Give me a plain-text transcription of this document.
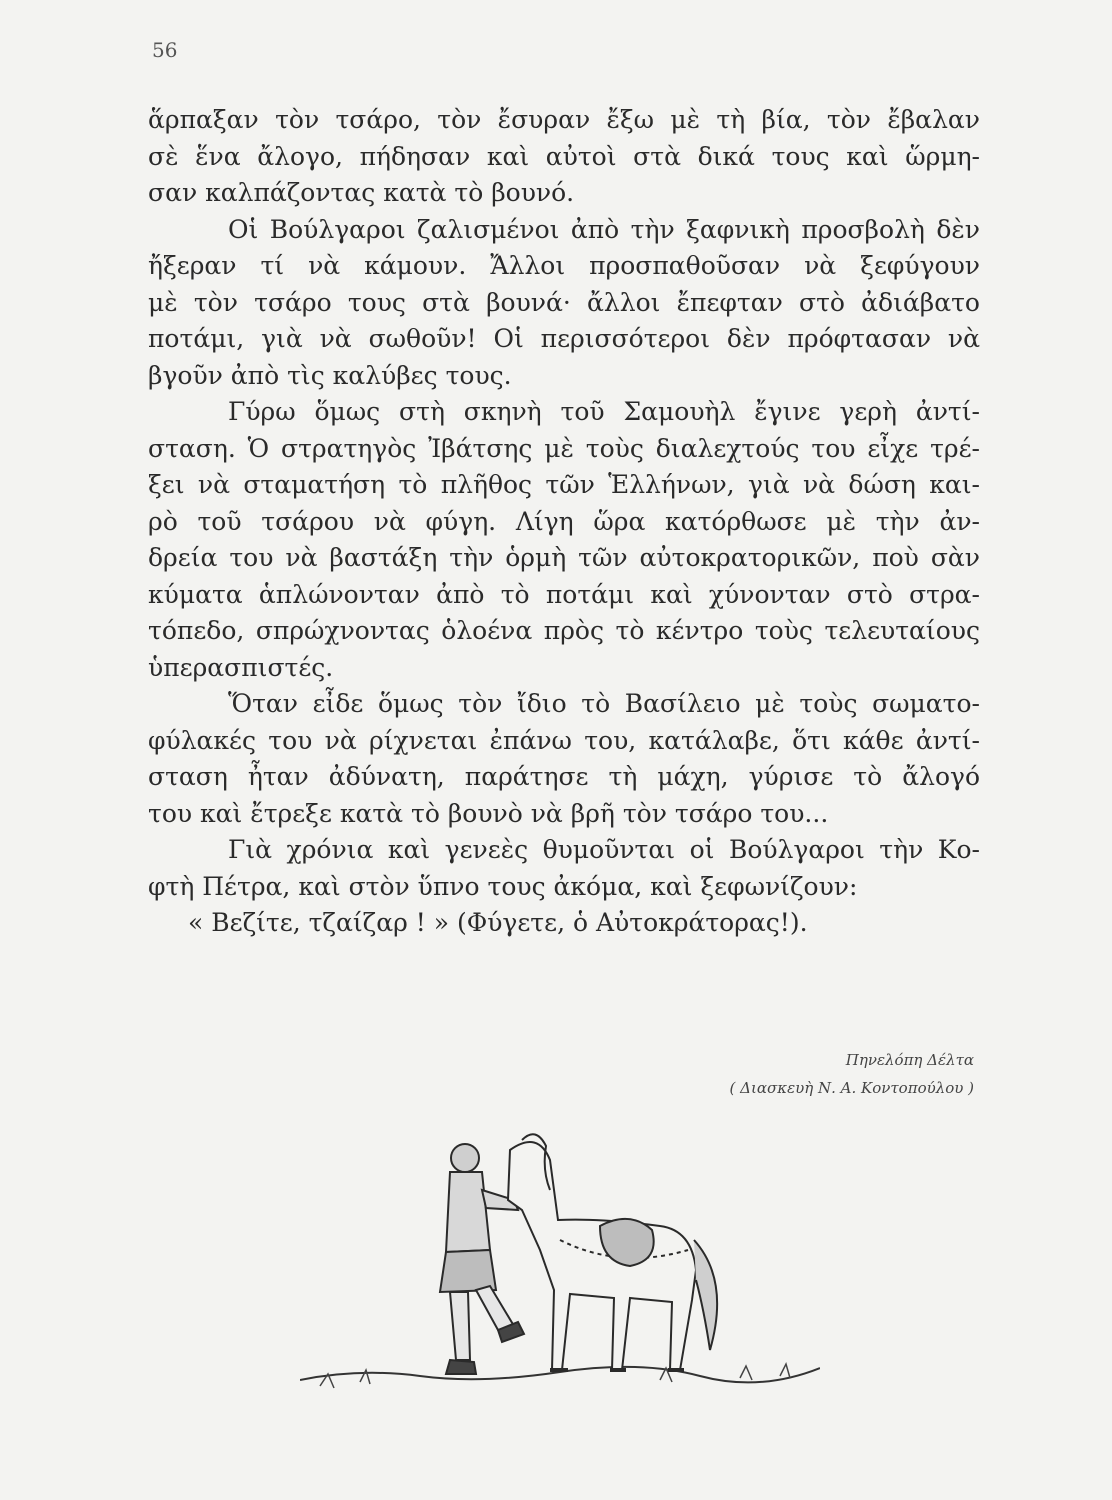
56
ἅρπαξαν τὸν τσάρο, τὸν ἔσυραν ἔξω μὲ τὴ βία, τὸν ἔβαλαν
σὲ ἕνα ἄλογο, πήδησαν καὶ αὐτοὶ στὰ δικά τους καὶ ὥρμη-
σαν καλπάζοντας κατὰ τὸ βουνό.
Οἱ Βούλγαροι ζαλισμένοι ἀπὸ τὴν ξαφνικὴ προσβολὴ δὲν
ἤξεραν τί νὰ κάμουν. Ἄλλοι προσπαθοῦσαν νὰ ξεφύγουν
μὲ τὸν τσάρο τους στὰ βουνά· ἄλλοι ἔπεφταν στὸ ἀδιάβατο
ποτάμι, γιὰ νὰ σωθοῦν! Οἱ περισσότεροι δὲν πρόφτασαν νὰ
βγοῦν ἀπὸ τὶς καλύβες τους.
Γύρω ὅμως στὴ σκηνὴ τοῦ Σαμουὴλ ἔγινε γερὴ ἀντί-
σταση. Ὁ στρατηγὸς Ἰβάτσης μὲ τοὺς διαλεχτούς του εἶχε τρέ-
ξει νὰ σταματήση τὸ πλῆθος τῶν Ἑλλήνων, γιὰ νὰ δώση και-
ρὸ τοῦ τσάρου νὰ φύγη. Λίγη ὥρα κατόρθωσε μὲ τὴν ἀν-
δρεία του νὰ βαστάξη τὴν ὁρμὴ τῶν αὐτοκρατορικῶν, ποὺ σὰν
κύματα ἁπλώνονταν ἀπὸ τὸ ποτάμι καὶ χύνονταν στὸ στρα-
τόπεδο, σπρώχνοντας ὁλοένα πρὸς τὸ κέντρο τοὺς τελευταίους
ὑπερασπιστές.
Ὅταν εἶδε ὅμως τὸν ἴδιο τὸ Βασίλειο μὲ τοὺς σωματο-
φύλακές του νὰ ρίχνεται ἐπάνω του, κατάλαβε, ὅτι κάθε ἀντί-
σταση ἦταν ἀδύνατη, παράτησε τὴ μάχη, γύρισε τὸ ἄλογό
του καὶ ἔτρεξε κατὰ τὸ βουνὸ νὰ βρῆ τὸν τσάρο του...
Γιὰ χρόνια καὶ γενεὲς θυμοῦνται οἱ Βούλγαροι τὴν Κο-
φτὴ Πέτρα, καὶ στὸν ὕπνο τους ἀκόμα, καὶ ξεφωνίζουν:
« Βεζίτε, τζαίζαρ ! » (Φύγετε, ὁ Αὐτοκράτορας!).
Πηνελόπη Δέλτα
( Διασκευὴ Ν. Α. Κοντοπούλου )
